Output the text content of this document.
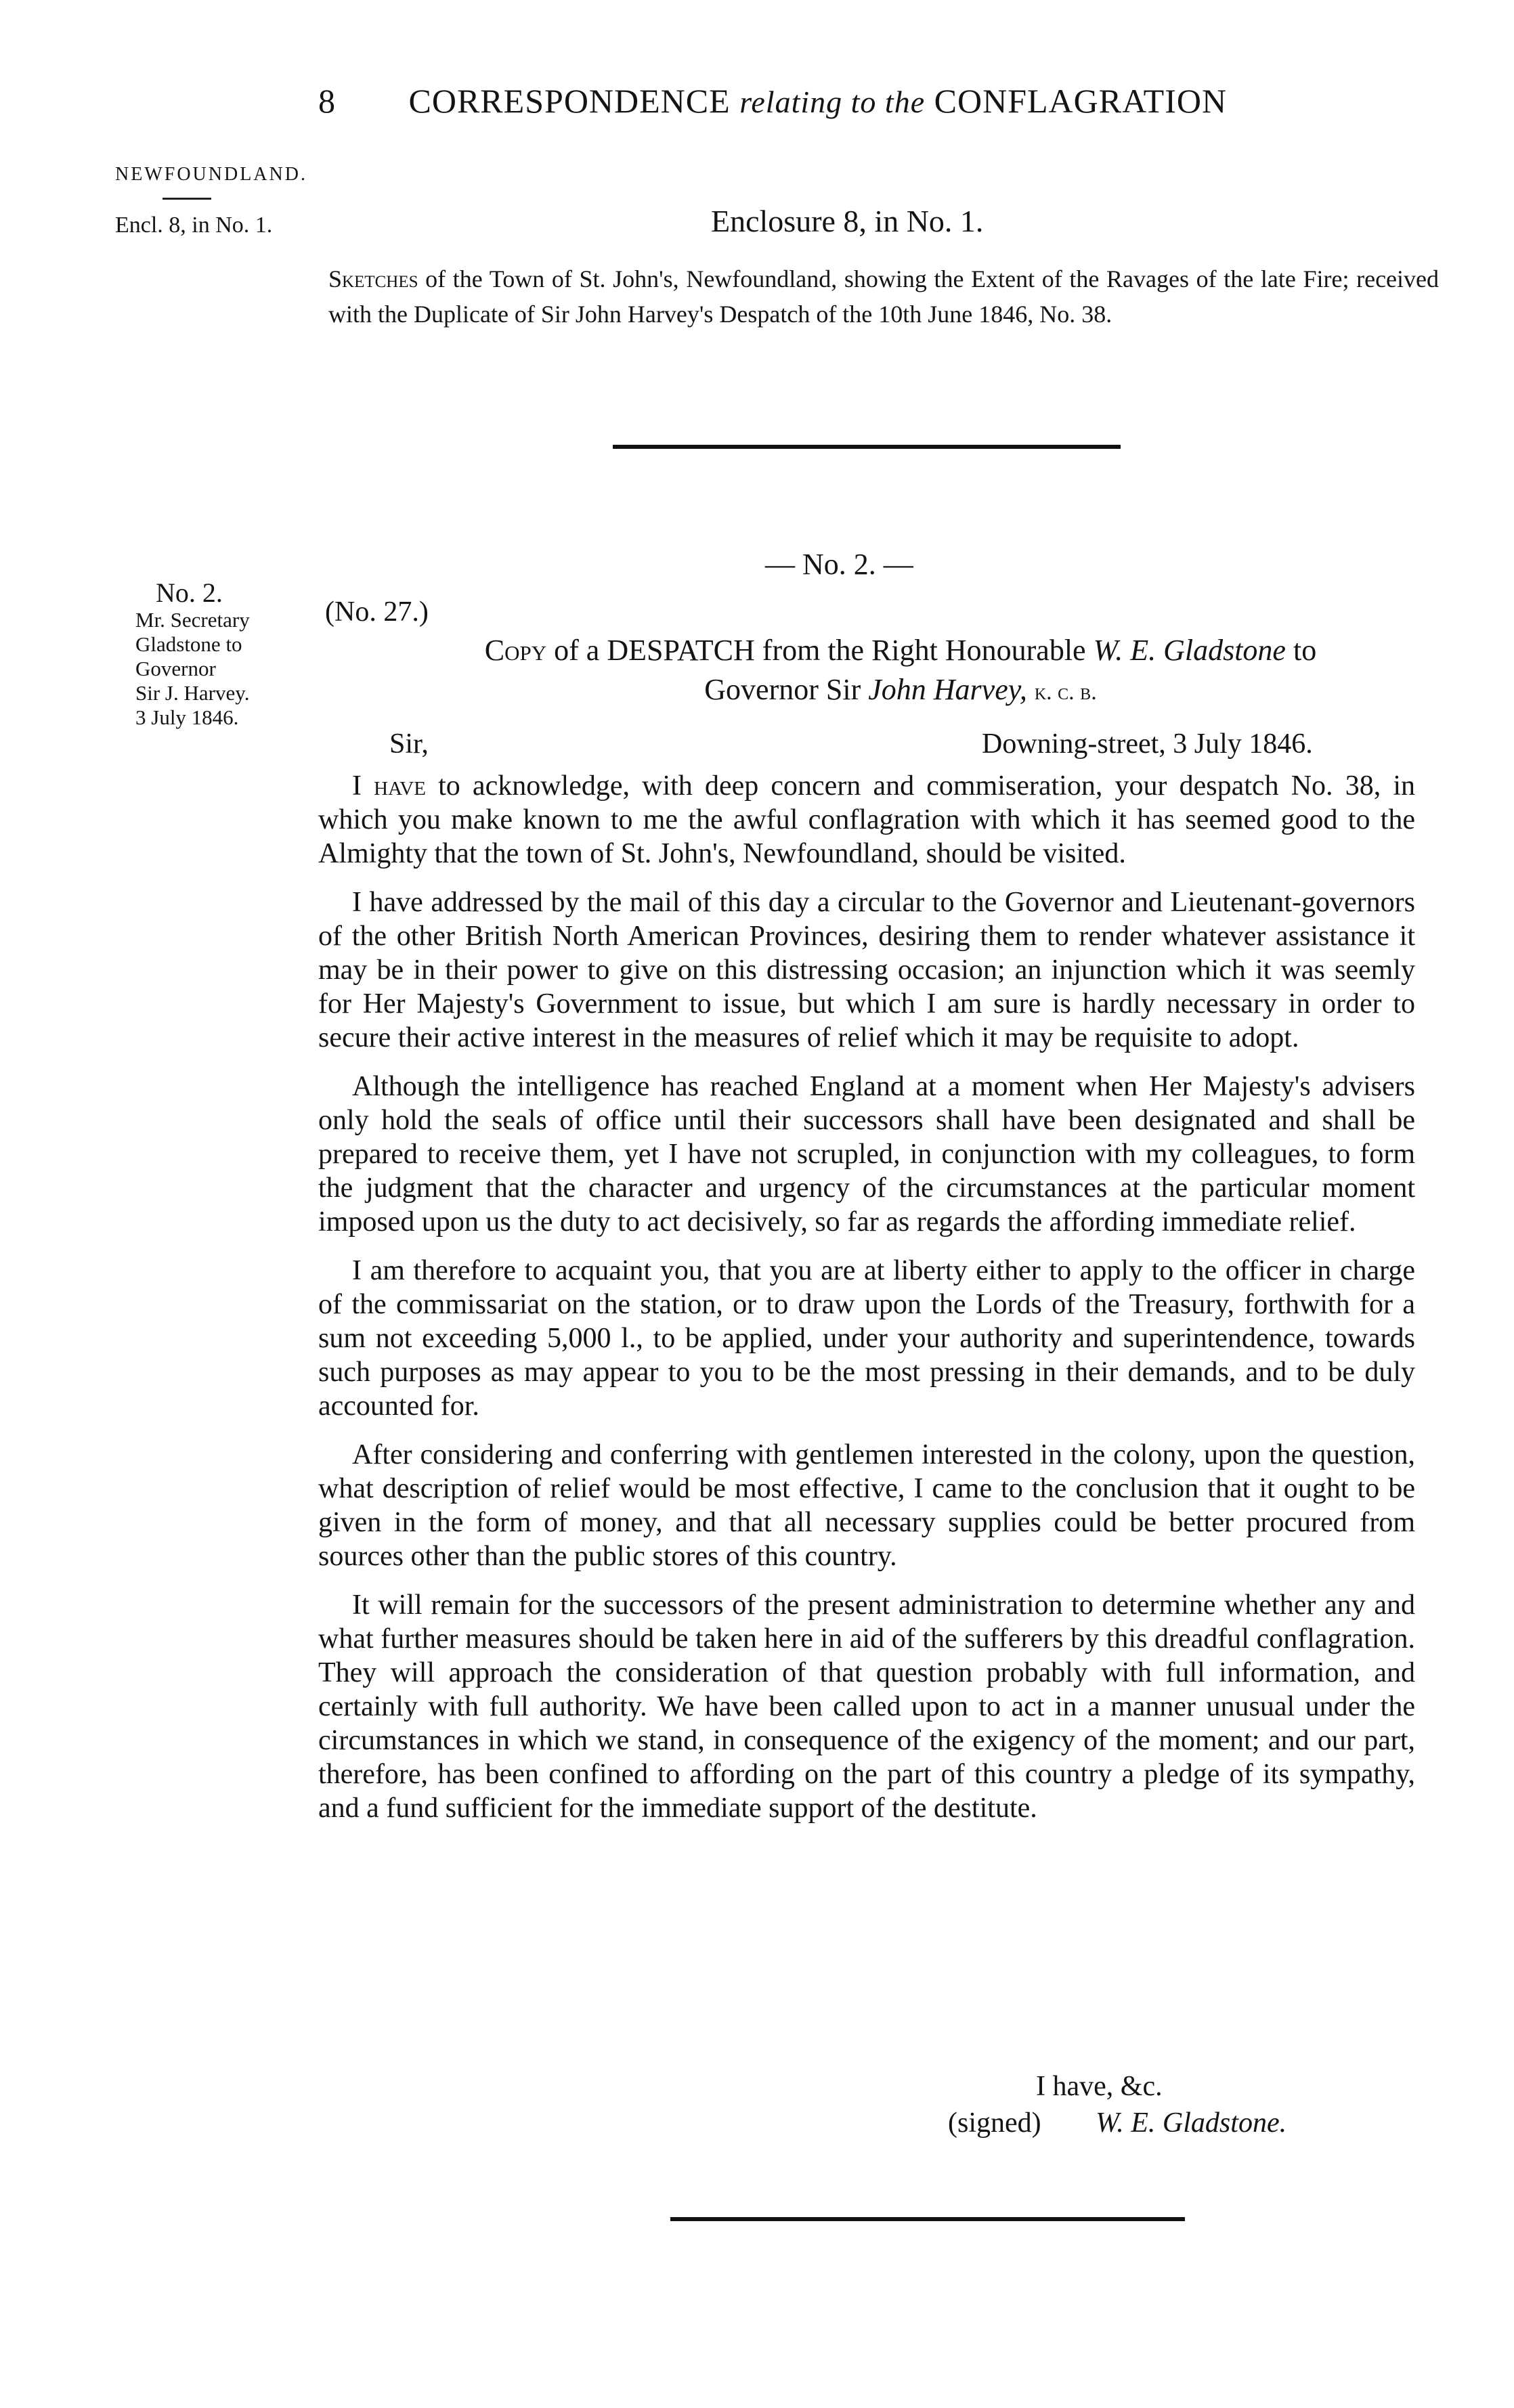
8 CORRESPONDENCE relating to the CONFLAGRATION
NEWFOUNDLAND.
Encl. 8, in No. 1.	Enclosure 8, in No. 1.
Sketches of the Town of St. John's, Newfoundland, showing the Extent of the Ravages of the late Fire; received with the Duplicate of Sir John Harvey's Despatch of the 10th June 1846, No. 38.
— No. 2. —
No. 2.
Mr. Secretary
Gladstone to
Governor
Sir J. Harvey.
3 July 1846.
(No. 27.)
Copy of a DESPATCH from the Right Honourable W. E. Gladstone to
Governor Sir John Harvey, k. c. b.
Sir,	Downing-street, 3 July 1846.

I have to acknowledge, with deep concern and commiseration, your despatch No. 38, in which you make known to me the awful conflagration with which it has seemed good to the Almighty that the town of St. John's, Newfoundland, should be visited.

I have addressed by the mail of this day a circular to the Governor and Lieutenant-governors of the other British North American Provinces, desiring them to render whatever assistance it may be in their power to give on this distressing occasion; an injunction which it was seemly for Her Majesty's Government to issue, but which I am sure is hardly necessary in order to secure their active interest in the measures of relief which it may be requisite to adopt.

Although the intelligence has reached England at a moment when Her Majesty's advisers only hold the seals of office until their successors shall have been designated and shall be prepared to receive them, yet I have not scrupled, in conjunction with my colleagues, to form the judgment that the character and urgency of the circumstances at the particular moment imposed upon us the duty to act decisively, so far as regards the affording immediate relief.

I am therefore to acquaint you, that you are at liberty either to apply to the officer in charge of the commissariat on the station, or to draw upon the Lords of the Treasury, forthwith for a sum not exceeding 5,000 l., to be applied, under your authority and superintendence, towards such purposes as may appear to you to be the most pressing in their demands, and to be duly accounted for.

After considering and conferring with gentlemen interested in the colony, upon the question, what description of relief would be most effective, I came to the conclusion that it ought to be given in the form of money, and that all necessary supplies could be better procured from sources other than the public stores of this country.

It will remain for the successors of the present administration to determine whether any and what further measures should be taken here in aid of the sufferers by this dreadful conflagration. They will approach the consideration of that question probably with full information, and certainly with full authority. We have been called upon to act in a manner unusual under the circumstances in which we stand, in consequence of the exigency of the moment; and our part, therefore, has been confined to affording on the part of this country a pledge of its sympathy, and a fund sufficient for the immediate support of the destitute.

I have, &c.
(signed) W. E. Gladstone.
